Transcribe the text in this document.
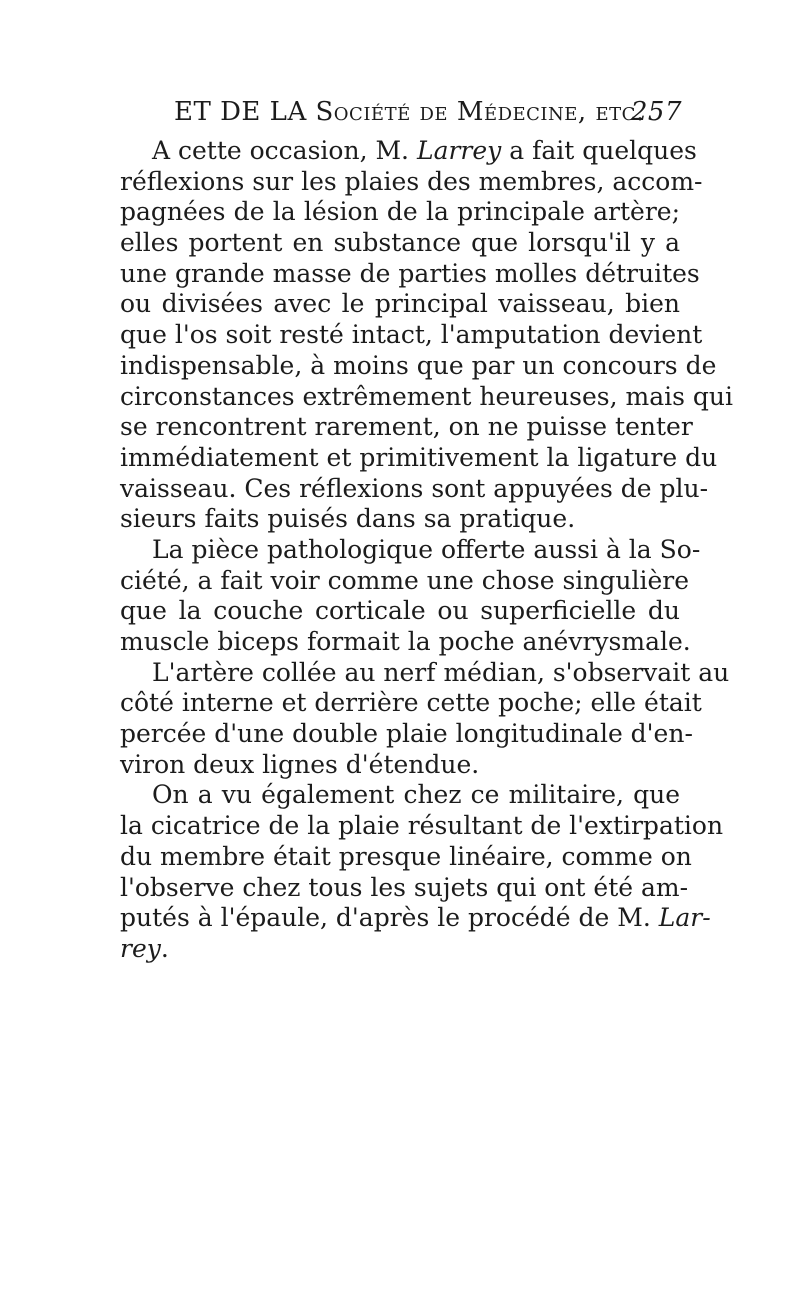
ET DE LA Société de Médecine, etc.
257
A cette occasion, M. Larrey a fait quelques
réflexions sur les plaies des membres, accom-
pagnées de la lésion de la principale artère;
elles portent en substance que lorsqu'il y a
une grande masse de parties molles détruites
ou divisées avec le principal vaisseau, bien
que l'os soit resté intact, l'amputation devient
indispensable, à moins que par un concours de
circonstances extrêmement heureuses, mais qui
se rencontrent rarement, on ne puisse tenter
immédiatement et primitivement la ligature du
vaisseau. Ces réflexions sont appuyées de plu-
sieurs faits puisés dans sa pratique.
La pièce pathologique offerte aussi à la So-
ciété, a fait voir comme une chose singulière
que la couche corticale ou superficielle du
muscle biceps formait la poche anévrysmale.
L'artère collée au nerf médian, s'observait au
côté interne et derrière cette poche; elle était
percée d'une double plaie longitudinale d'en-
viron deux lignes d'étendue.
On a vu également chez ce militaire, que
la cicatrice de la plaie résultant de l'extirpation
du membre était presque linéaire, comme on
l'observe chez tous les sujets qui ont été am-
putés à l'épaule, d'après le procédé de M. Lar-
rey.
